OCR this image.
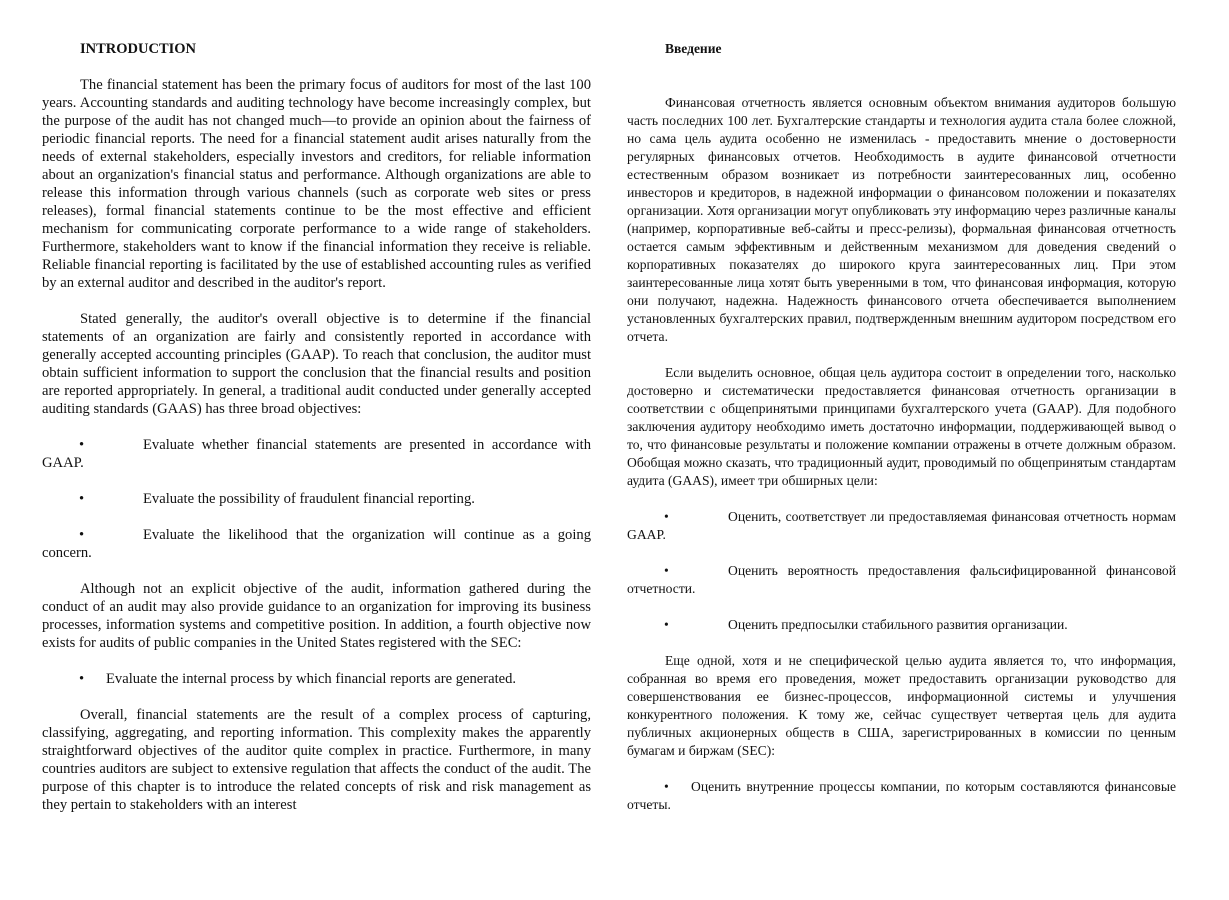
INTRODUCTION

The financial statement has been the primary focus of auditors for most of the last 100 years. Accounting standards and auditing technology have become increasingly complex, but the purpose of the audit has not changed much—to provide an opinion about the fairness of periodic financial reports. The need for a financial statement audit arises naturally from the needs of external stakeholders, especially investors and creditors, for reliable information about an organization's financial status and performance. Although organizations are able to release this information through various channels (such as corporate web sites or press releases), formal financial statements continue to be the most effective and efficient mechanism for communicating corporate performance to a wide range of stakeholders. Furthermore, stakeholders want to know if the financial information they receive is reliable. Reliable financial reporting is facilitated by the use of established accounting rules as verified by an external auditor and described in the auditor's report.

Stated generally, the auditor's overall objective is to determine if the financial statements of an organization are fairly and consistently reported in accordance with generally accepted accounting principles (GAAP). To reach that conclusion, the auditor must obtain sufficient information to support the conclusion that the financial results and position are reported appropriately. In general, a traditional audit conducted under generally accepted auditing standards (GAAS) has three broad objectives:

•	Evaluate whether financial statements are presented in accordance with GAAP.

•	Evaluate the possibility of fraudulent financial reporting.

•	Evaluate the likelihood that the organization will continue as a going concern.

Although not an explicit objective of the audit, information gathered during the conduct of an audit may also provide guidance to an organization for improving its business processes, information systems and competitive position. In addition, a fourth objective now exists for audits of public companies in the United States registered with the SEC:

• Evaluate the internal process by which financial reports are generated.

Overall, financial statements are the result of a complex process of capturing, classifying, aggregating, and reporting information. This complexity makes the apparently straightforward objectives of the auditor quite complex in practice. Furthermore, in many countries auditors are subject to extensive regulation that affects the conduct of the audit. The purpose of this chapter is to introduce the related concepts of risk and risk management as they pertain to stakeholders with an interest

Введение

Финансовая отчетность является основным объектом внимания аудиторов большую часть последних 100 лет. Бухгалтерские стандарты и технология аудита стала более сложной, но сама цель аудита особенно не изменилась - предоставить мнение о достоверности регулярных финансовых отчетов. Необходимость в аудите финансовой отчетности естественным образом возникает из потребности заинтересованных лиц, особенно инвесторов и кредиторов, в надежной информации о финансовом положении и показателях организации. Хотя организации могут опубликовать эту информацию через различные каналы (например, корпоративные веб-сайты и пресс-релизы), формальная финансовая отчетность остается самым эффективным и действенным механизмом для доведения сведений о корпоративных показателях до широкого круга заинтересованных лиц. При этом заинтересованные лица хотят быть уверенными в том, что финансовая информация, которую они получают, надежна. Надежность финансового отчета обеспечивается выполнением установленных бухгалтерских правил, подтвержденным внешним аудитором посредством его отчета.

Если выделить основное, общая цель аудитора состоит в определении того, насколько достоверно и систематически предоставляется финансовая отчетность организации в соответствии с общепринятыми принципами бухгалтерского учета (GAAP). Для подобного заключения аудитору необходимо иметь достаточно информации, поддерживающей вывод о то, что финансовые результаты и положение компании отражены в отчете должным образом. Обобщая можно сказать, что традиционный аудит, проводимый по общепринятым стандартам аудита (GAAS), имеет три обширных цели:

•	Оценить, соответствует ли предоставляемая финансовая отчетность нормам GAAP.

•	Оценить вероятность предоставления фальсифицированной финансовой отчетности.

•	Оценить предпосылки стабильного развития организации.

Еще одной, хотя и не специфической целью аудита является то, что информация, собранная во время его проведения, может предоставить организации руководство для совершенствования ее бизнес-процессов, информационной системы и улучшения конкурентного положения. К тому же, сейчас существует четвертая цель для аудита публичных акционерных обществ в США, зарегистрированных в комиссии по ценным бумагам и биржам (SEC):

• Оценить внутренние процессы компании, по которым составляются финансовые отчеты.
